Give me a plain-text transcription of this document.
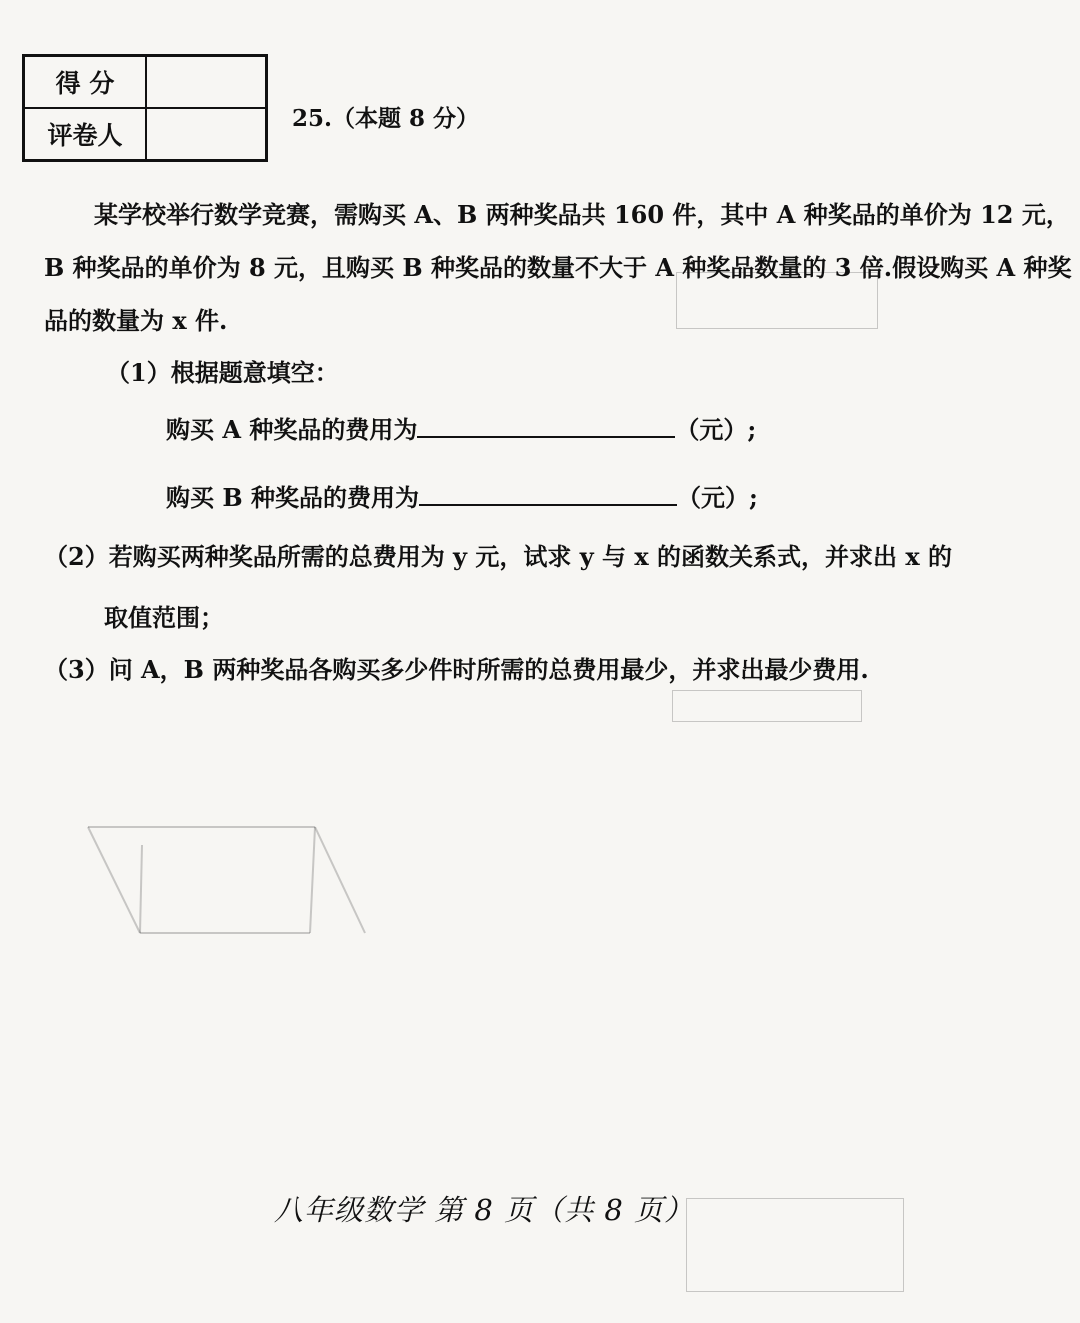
得 分	
评卷人	
25.（本题 8 分）
某学校举行数学竞赛，需购买 A、B 两种奖品共 160 件，其中 A 种奖品的单价为 12 元，B 种奖品的单价为 8 元，且购买 B 种奖品的数量不大于 A 种奖品数量的 3 倍.假设购买 A 种奖品的数量为 x 件.
（1）根据题意填空：
购买 A 种奖品的费用为	（元）;
购买 B 种奖品的费用为	（元）;
（2）若购买两种奖品所需的总费用为 y 元，试求 y 与 x 的函数关系式，并求出 x 的
取值范围；
（3）问 A，B 两种奖品各购买多少件时所需的总费用最少，并求出最少费用.
八年级数学 第 8 页（共 8 页）
